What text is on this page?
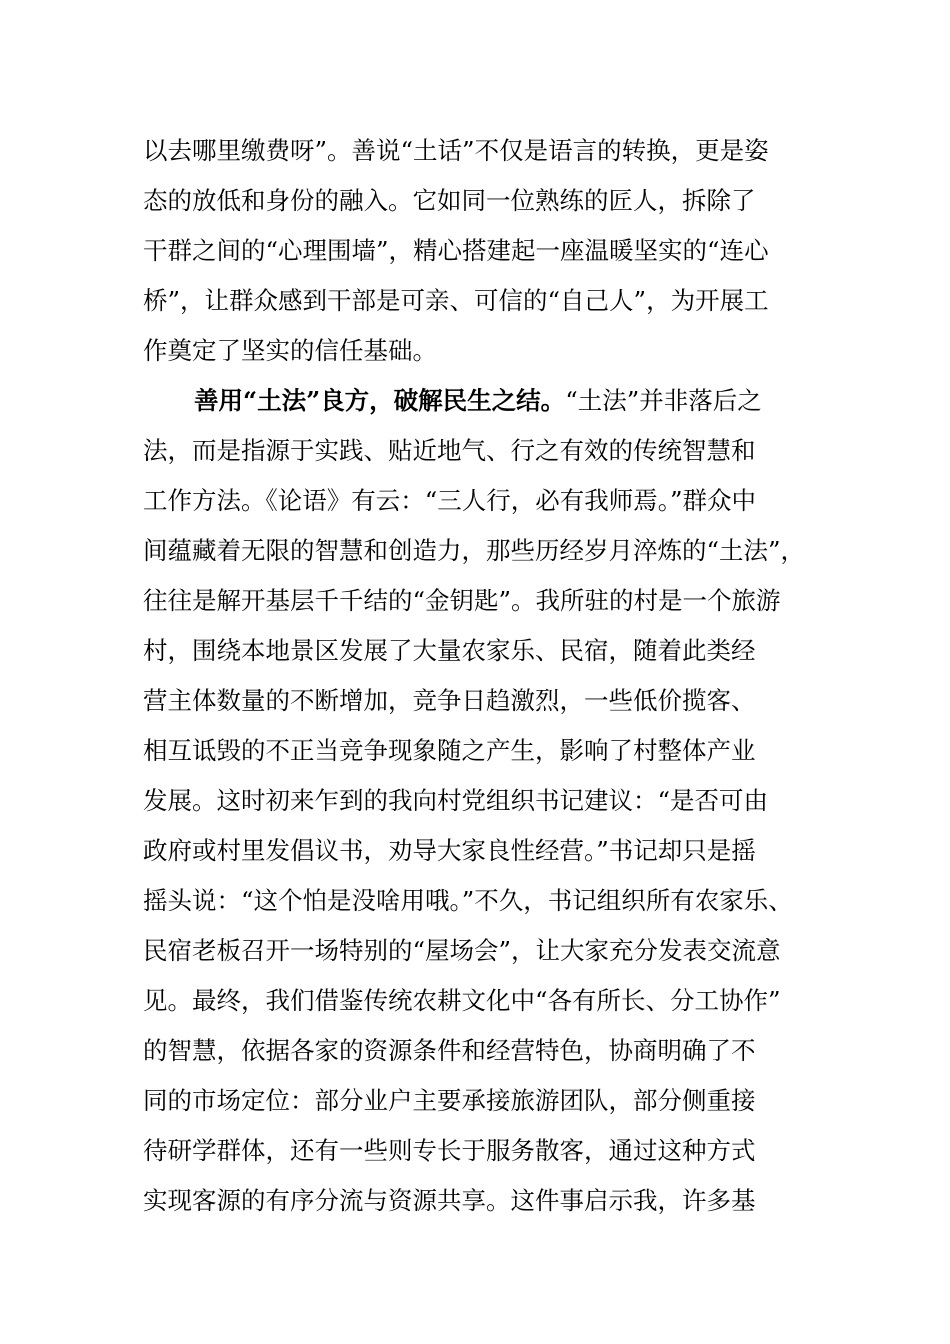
以去哪里缴费呀”。善说“土话”不仅是语言的转换，更是姿
态的放低和身份的融入。它如同一位熟练的匠人，拆除了
干群之间的“心理围墙”，精心搭建起一座温暖坚实的“连心
桥”，让群众感到干部是可亲、可信的“自己人”，为开展工
作奠定了坚实的信任基础。
善用“土法”良方，破解民生之结。“土法”并非落后之
法，而是指源于实践、贴近地气、行之有效的传统智慧和
工作方法。《论语》有云：“三人行，必有我师焉。”群众中
间蕴藏着无限的智慧和创造力，那些历经岁月淬炼的“土法”，
往往是解开基层千千结的“金钥匙”。我所驻的村是一个旅游
村，围绕本地景区发展了大量农家乐、民宿，随着此类经
营主体数量的不断增加，竞争日趋激烈，一些低价揽客、
相互诋毁的不正当竞争现象随之产生，影响了村整体产业
发展。这时初来乍到的我向村党组织书记建议：“是否可由
政府或村里发倡议书，劝导大家良性经营。”书记却只是摇
摇头说：“这个怕是没啥用哦。”不久，书记组织所有农家乐、
民宿老板召开一场特别的“屋场会”，让大家充分发表交流意
见。最终，我们借鉴传统农耕文化中“各有所长、分工协作”
的智慧，依据各家的资源条件和经营特色，协商明确了不
同的市场定位：部分业户主要承接旅游团队，部分侧重接
待研学群体，还有一些则专长于服务散客，通过这种方式
实现客源的有序分流与资源共享。这件事启示我，许多基
